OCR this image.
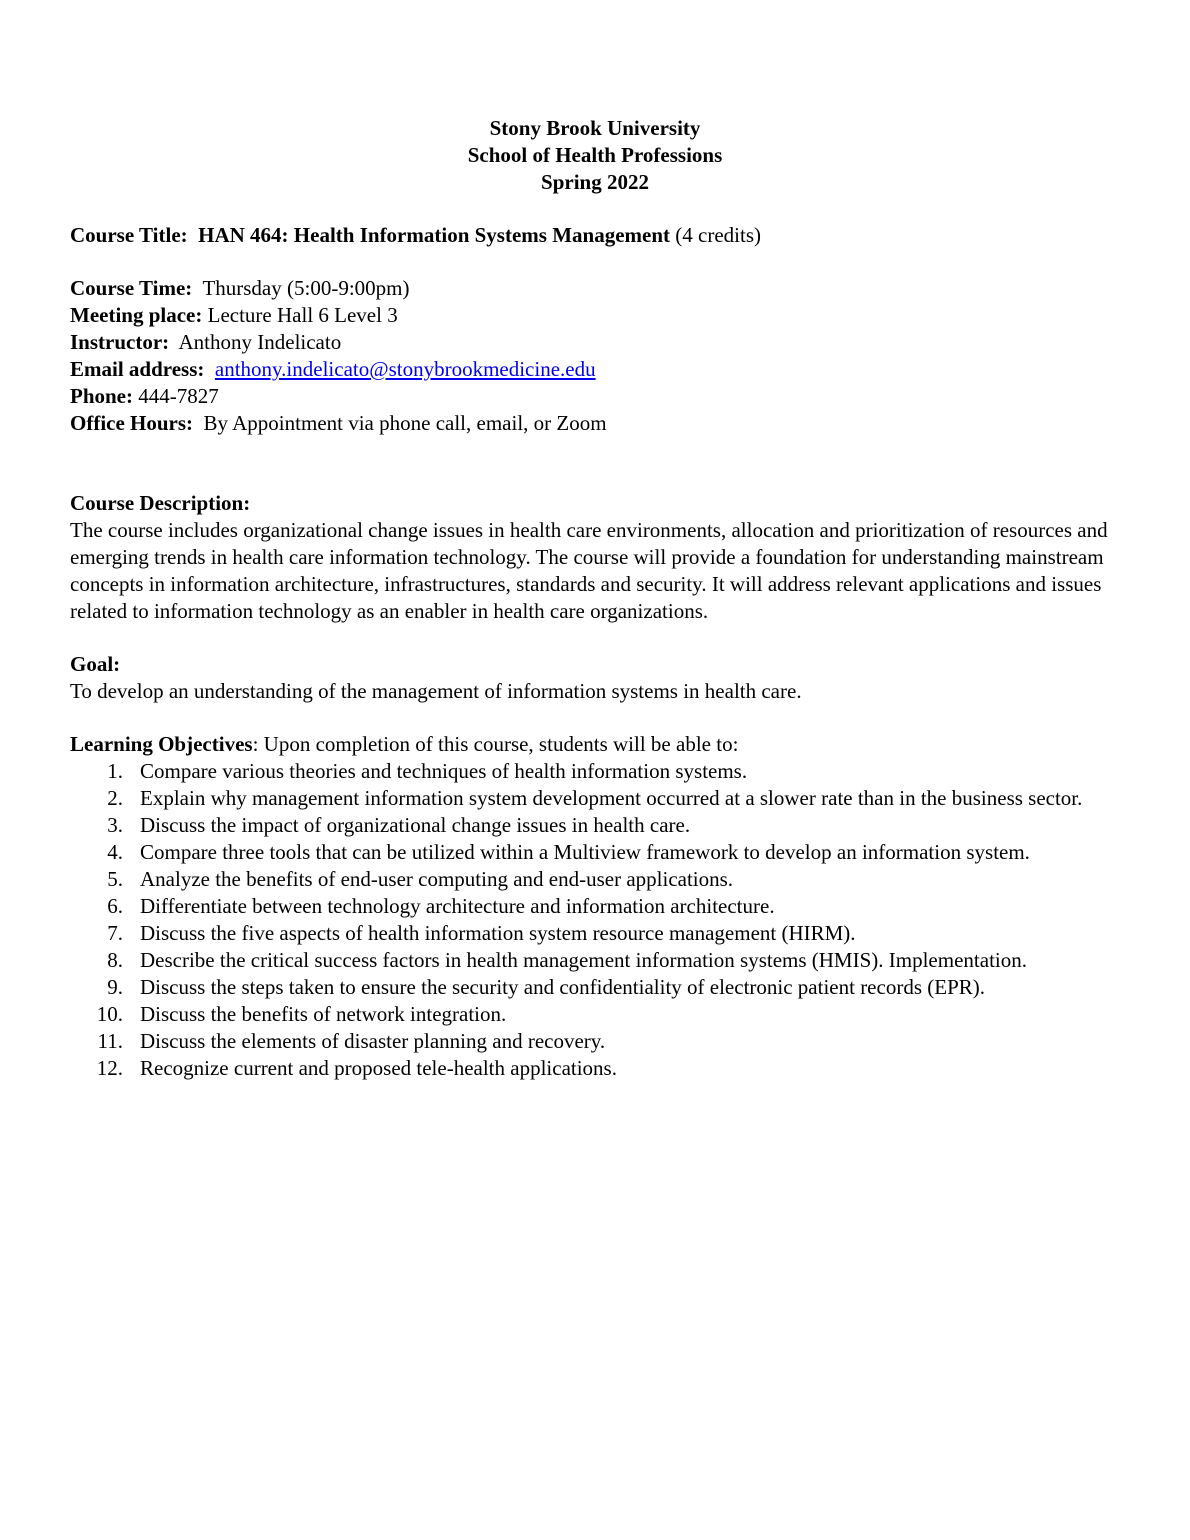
Stony Brook University
School of Health Professions
Spring 2022

Course Title: HAN 464: Health Information Systems Management (4 credits)

Course Time: Thursday (5:00-9:00pm)

Meeting place: Lecture Hall 6 Level 3

Instructor: Anthony Indelicato

Email address: anthony.indelicato@stonybrookmedicine.edu

Phone: 444-7827

Office Hours: By Appointment via phone call, email, or Zoom

Course Description:

The course includes organizational change issues in health care environments, allocation and prioritization of resources and emerging trends in health care information technology. The course will provide a foundation for understanding mainstream concepts in information architecture, infrastructures, standards and security. It will address relevant applications and issues related to information technology as an enabler in health care organizations.

Goal:

To develop an understanding of the management of information systems in health care.

Learning Objectives: Upon completion of this course, students will be able to:

1. Compare various theories and techniques of health information systems.
2. Explain why management information system development occurred at a slower rate than in the business sector.
3. Discuss the impact of organizational change issues in health care.
4. Compare three tools that can be utilized within a Multiview framework to develop an information system.
5. Analyze the benefits of end-user computing and end-user applications.
6. Differentiate between technology architecture and information architecture.
7. Discuss the five aspects of health information system resource management (HIRM).
8. Describe the critical success factors in health management information systems (HMIS). Implementation.
9. Discuss the steps taken to ensure the security and confidentiality of electronic patient records (EPR).
10. Discuss the benefits of network integration.
11. Discuss the elements of disaster planning and recovery.
12. Recognize current and proposed tele-health applications.
